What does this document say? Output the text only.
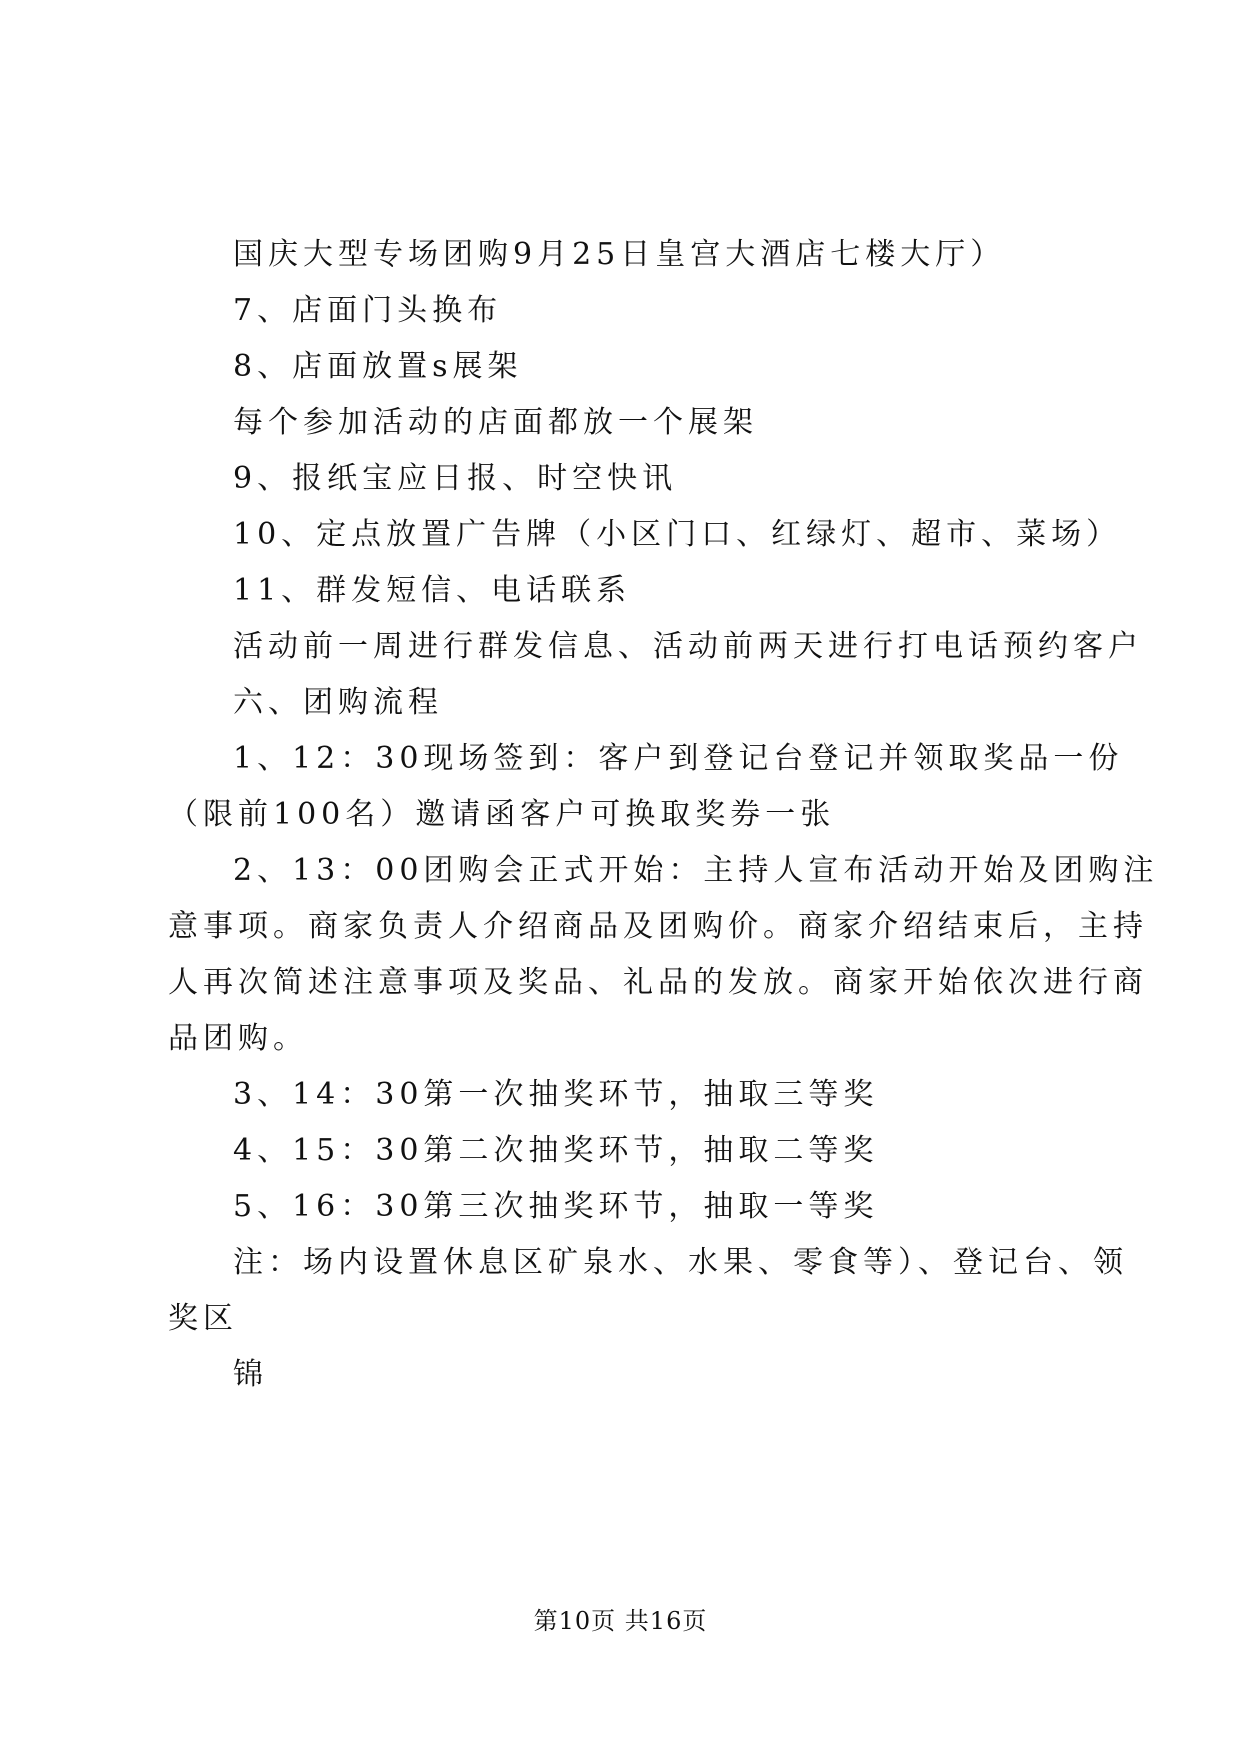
国庆大型专场团购9月25日皇宫大酒店七楼大厅）
7、店面门头换布
8、店面放置s展架
每个参加活动的店面都放一个展架
9、报纸宝应日报、时空快讯
10、定点放置广告牌（小区门口、红绿灯、超市、菜场）
11、群发短信、电话联系
活动前一周进行群发信息、活动前两天进行打电话预约客户
六、团购流程
1、12：30现场签到：客户到登记台登记并领取奖品一份
（限前100名）邀请函客户可换取奖券一张
2、13：00团购会正式开始：主持人宣布活动开始及团购注
意事项。商家负责人介绍商品及团购价。商家介绍结束后，主持
人再次简述注意事项及奖品、礼品的发放。商家开始依次进行商
品团购。
3、14：30第一次抽奖环节，抽取三等奖
4、15：30第二次抽奖环节，抽取二等奖
5、16：30第三次抽奖环节，抽取一等奖
注：场内设置休息区矿泉水、水果、零食等）、登记台、领
奖区
锦
第10页 共16页
